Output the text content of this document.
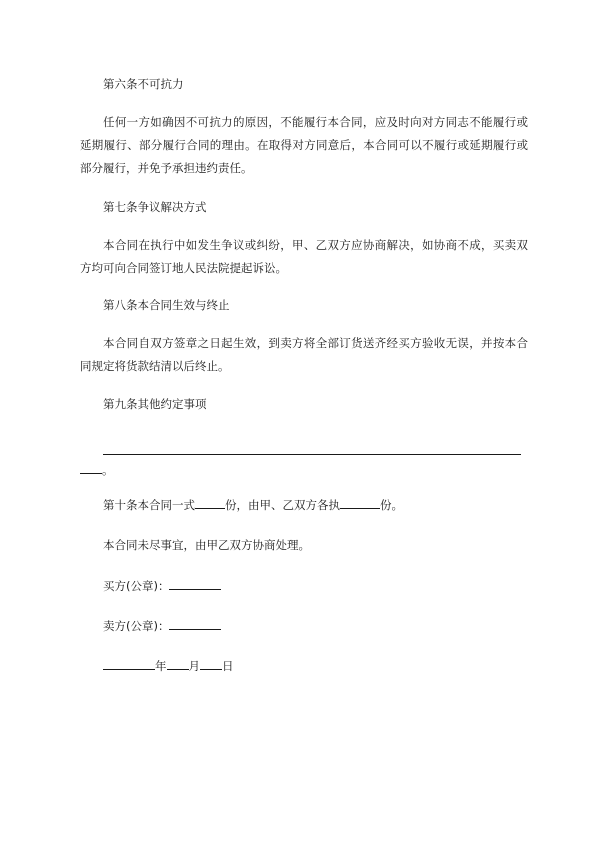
第六条不可抗力
任何一方如确因不可抗力的原因，不能履行本合同，应及时向对方同志不能履行或延期履行、部分履行合同的理由。在取得对方同意后，本合同可以不履行或延期履行或部分履行，并免予承担违约责任。
第七条争议解决方式
本合同在执行中如发生争议或纠纷，甲、乙双方应协商解决，如协商不成，买卖双方均可向合同签订地人民法院提起诉讼。
第八条本合同生效与终止
本合同自双方签章之日起生效，到卖方将全部订货送齐经买方验收无误，并按本合同规定将货款结清以后终止。
第九条其他约定事项
。
第十条本合同一式	份，由甲、乙双方各执	份。
本合同未尽事宜，由甲乙双方协商处理。
买方(公章)：
卖方(公章)：
年 月 日
